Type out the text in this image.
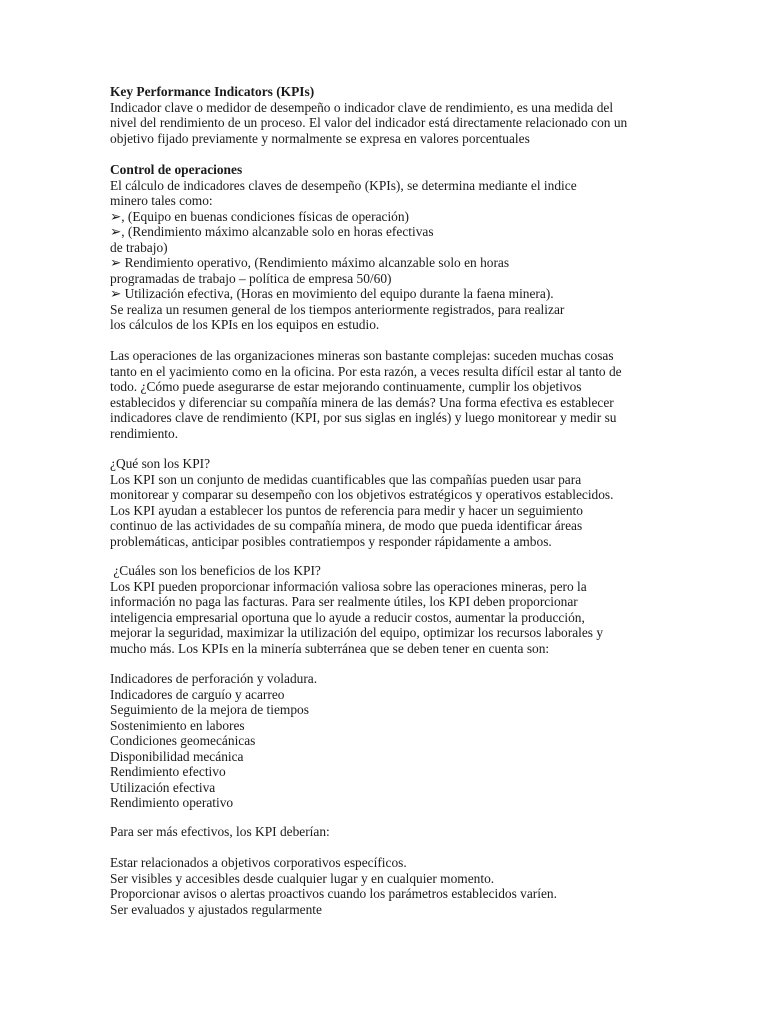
Key Performance Indicators (KPIs)
Indicador clave o medidor de desempeño o indicador clave de rendimiento, es una medida del
nivel del rendimiento de un proceso. El valor del indicador está directamente relacionado con un
objetivo fijado previamente y normalmente se expresa en valores porcentuales
Control de operaciones
El cálculo de indicadores claves de desempeño (KPIs), se determina mediante el indice
minero tales como:
➢, (Equipo en buenas condiciones físicas de operación)
➢, (Rendimiento máximo alcanzable solo en horas efectivas
de trabajo)
➢ Rendimiento operativo, (Rendimiento máximo alcanzable solo en horas
programadas de trabajo – política de empresa 50/60)
➢ Utilización efectiva, (Horas en movimiento del equipo durante la faena minera).
Se realiza un resumen general de los tiempos anteriormente registrados, para realizar
los cálculos de los KPIs en los equipos en estudio.
Las operaciones de las organizaciones mineras son bastante complejas: suceden muchas cosas
tanto en el yacimiento como en la oficina. Por esta razón, a veces resulta difícil estar al tanto de
todo. ¿Cómo puede asegurarse de estar mejorando continuamente, cumplir los objetivos
establecidos y diferenciar su compañía minera de las demás? Una forma efectiva es establecer
indicadores clave de rendimiento (KPI, por sus siglas en inglés) y luego monitorear y medir su
rendimiento.
¿Qué son los KPI?
Los KPI son un conjunto de medidas cuantificables que las compañías pueden usar para
monitorear y comparar su desempeño con los objetivos estratégicos y operativos establecidos.
Los KPI ayudan a establecer los puntos de referencia para medir y hacer un seguimiento
continuo de las actividades de su compañía minera, de modo que pueda identificar áreas
problemáticas, anticipar posibles contratiempos y responder rápidamente a ambos.
¿Cuáles son los beneficios de los KPI?
Los KPI pueden proporcionar información valiosa sobre las operaciones mineras, pero la
información no paga las facturas. Para ser realmente útiles, los KPI deben proporcionar
inteligencia empresarial oportuna que lo ayude a reducir costos, aumentar la producción,
mejorar la seguridad, maximizar la utilización del equipo, optimizar los recursos laborales y
mucho más. Los KPIs en la minería subterránea que se deben tener en cuenta son:
Indicadores de perforación y voladura.
Indicadores de carguío y acarreo
Seguimiento de la mejora de tiempos
Sostenimiento en labores
Condiciones geomecánicas
Disponibilidad mecánica
Rendimiento efectivo
Utilización efectiva
Rendimiento operativo
Para ser más efectivos, los KPI deberían:
Estar relacionados a objetivos corporativos específicos.
Ser visibles y accesibles desde cualquier lugar y en cualquier momento.
Proporcionar avisos o alertas proactivos cuando los parámetros establecidos varíen.
Ser evaluados y ajustados regularmente
